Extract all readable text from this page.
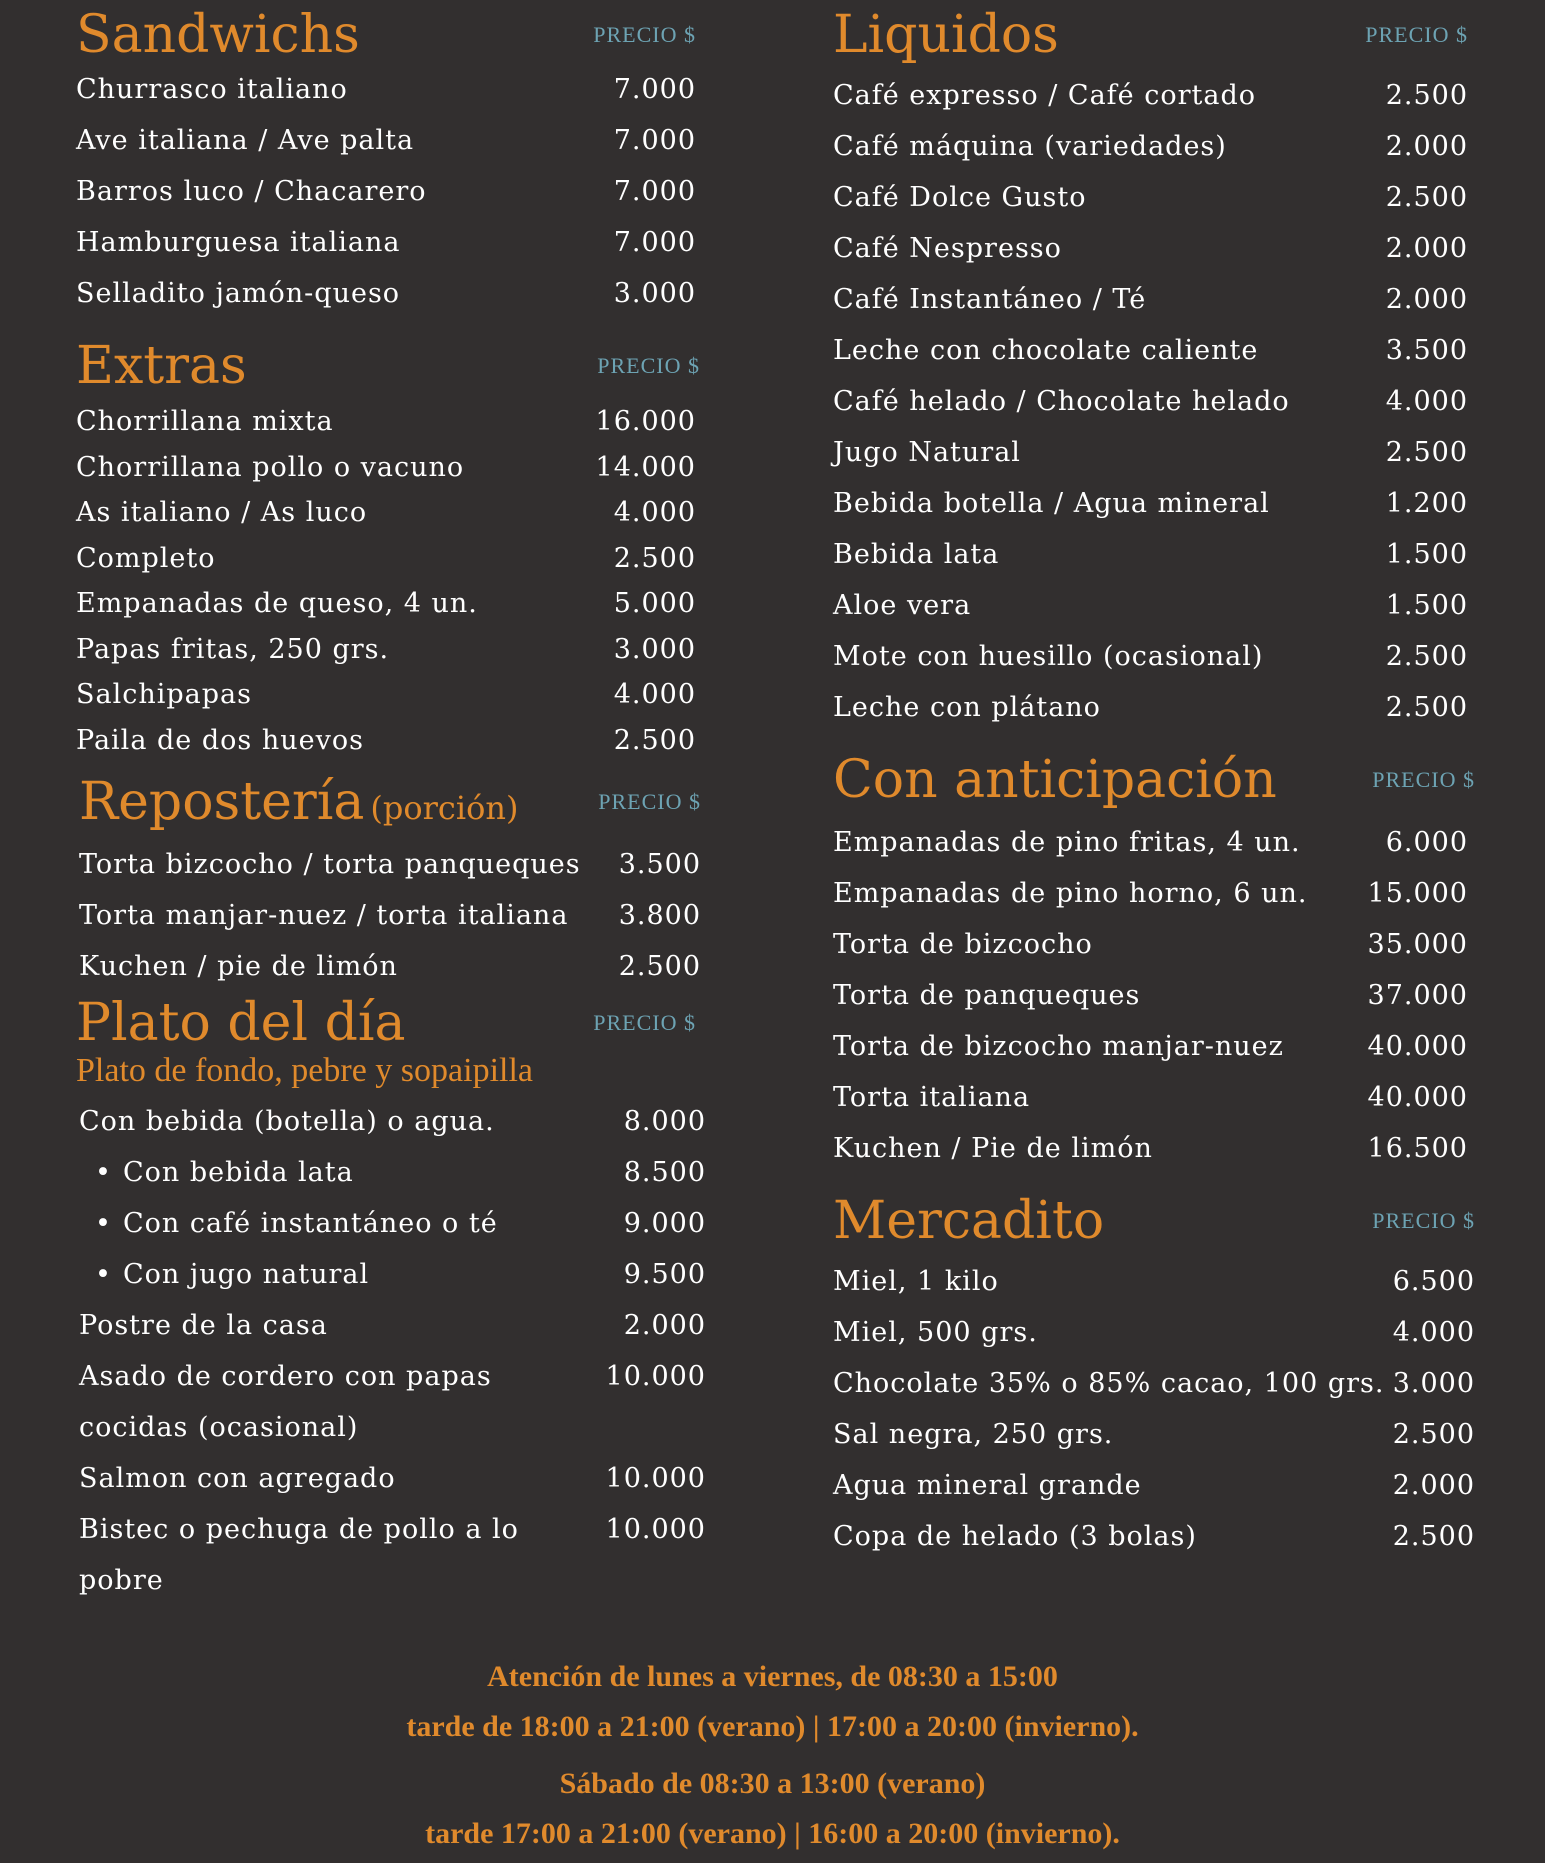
Sandwichs	PRECIO $
Churrasco italiano	7.000
Ave italiana / Ave palta	7.000
Barros luco / Chacarero	7.000
Hamburguesa italiana	7.000
Selladito jamón-queso	3.000
Extras	PRECIO $
Chorrillana mixta	16.000
Chorrillana pollo o vacuno	14.000
As italiano / As luco	4.000
Completo	2.500
Empanadas de queso, 4 un.	5.000
Papas fritas, 250 grs.	3.000
Salchipapas	4.000
Paila de dos huevos	2.500
Repostería (porción)	PRECIO $
Torta bizcocho / torta panqueques 3.500
Torta manjar-nuez / torta italiana 3.800
Kuchen / pie de limón	2.500
Plato del día	PRECIO $
Plato de fondo, pebre y sopaipilla
Con bebida (botella) o agua.	8.000
• Con bebida lata	8.500
• Con café instantáneo o té	9.000
• Con jugo natural	9.500
Postre de la casa	2.000
Asado de cordero con papas cocidas (ocasional)
10.000
Salmon con agregado	10.000
Bistec o pechuga de pollo a lo pobre
10.000
Liquidos	PRECIO $
Café expresso / Café cortado	2.500
Café máquina (variedades)	2.000
Café Dolce Gusto	2.500
Café Nespresso	2.000
Café Instantáneo / Té	2.000
Leche con chocolate caliente	3.500
Café helado / Chocolate helado	4.000
Jugo Natural	2.500
Bebida botella / Agua mineral	1.200
Bebida lata	1.500
Aloe vera	1.500
Mote con huesillo (ocasional)	2.500
Leche con plátano	2.500
Con anticipación	PRECIO $
Empanadas de pino fritas, 4 un.	6.000
Empanadas de pino horno, 6 un. 15.000
Torta de bizcocho	35.000
Torta de panqueques	37.000
Torta de bizcocho manjar-nuez	40.000
Torta italiana	40.000
Kuchen / Pie de limón	16.500
Mercadito	PRECIO $
Miel, 1 kilo	6.500
Miel, 500 grs.	4.000
Chocolate 35% o 85% cacao, 100 grs. 3.000
Sal negra, 250 grs.	2.500
Agua mineral grande	2.000
Copa de helado (3 bolas)	2.500
Atención de lunes a viernes, de 08:30 a 15:00
tarde de 18:00 a 21:00 (verano) | 17:00 a 20:00 (invierno).
Sábado de 08:30 a 13:00 (verano)
tarde 17:00 a 21:00 (verano) | 16:00 a 20:00 (invierno).
